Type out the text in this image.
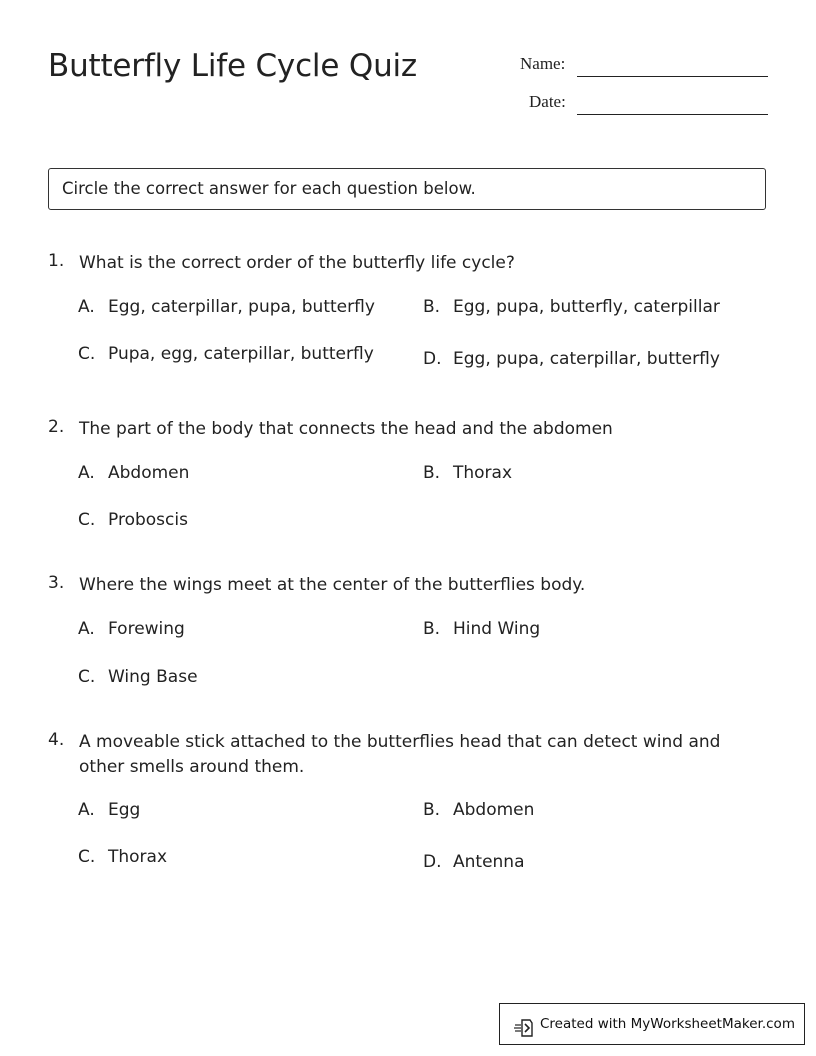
Butterfly Life Cycle Quiz	Name:
Date:
Circle the correct answer for each question below.
1. What is the correct order of the butterfly life cycle?
A. Egg, caterpillar, pupa, butterfly	B. Egg, pupa, butterfly, caterpillar
C. Pupa, egg, caterpillar, butterfly	D. Egg, pupa, caterpillar, butterfly
2. The part of the body that connects the head and the abdomen
A. Abdomen	B. Thorax
C. Proboscis
3. Where the wings meet at the center of the butterflies body.
A. Forewing	B. Hind Wing
C. Wing Base
4. A moveable stick attached to the butterflies head that can detect wind and other smells around them.
A. Egg	B. Abdomen
C. Thorax	D. Antenna
Created with MyWorksheetMaker.com
